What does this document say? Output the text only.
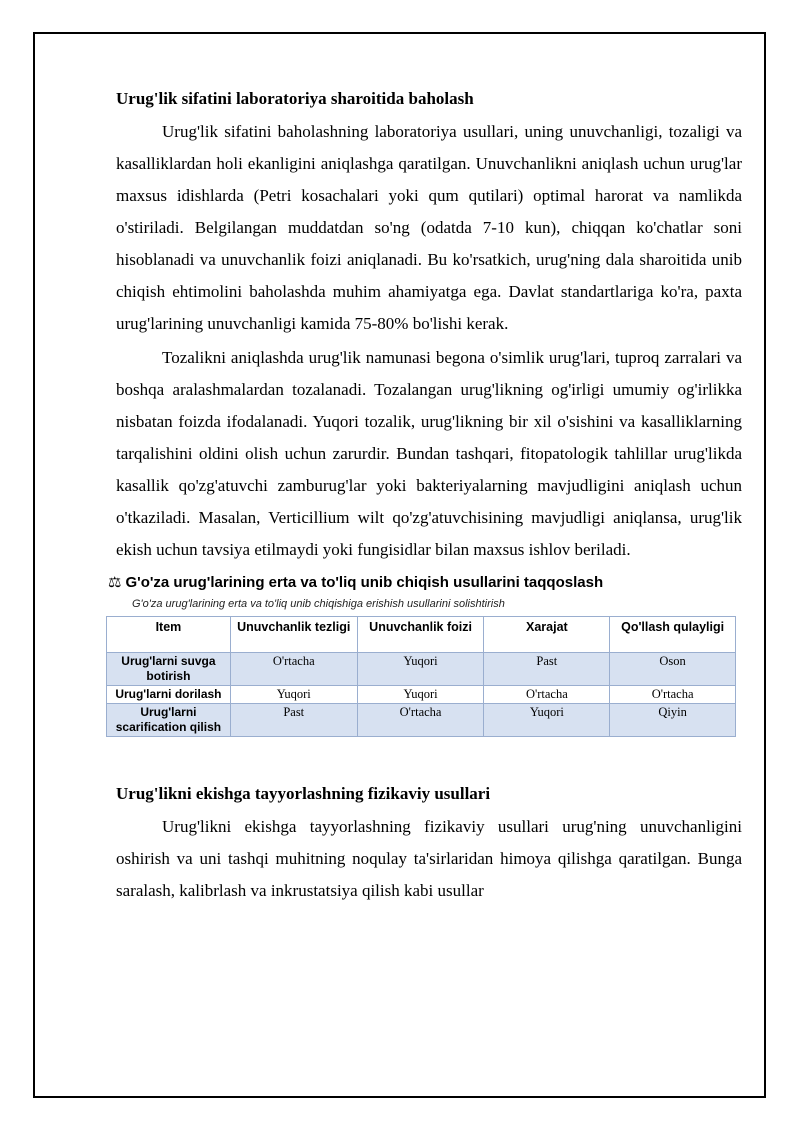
Urug'lik sifatini laboratoriya sharoitida baholash

Urug'lik sifatini baholashning laboratoriya usullari, uning unuvchanligi, tozaligi va kasalliklardan holi ekanligini aniqlashga qaratilgan. Unuvchanlikni aniqlash uchun urug'lar maxsus idishlarda (Petri kosachalari yoki qum qutilari) optimal harorat va namlikda o'stiriladi. Belgilangan muddatdan so'ng (odatda 7-10 kun), chiqqan ko'chatlar soni hisoblanadi va unuvchanlik foizi aniqlanadi. Bu ko'rsatkich, urug'ning dala sharoitida unib chiqish ehtimolini baholashda muhim ahamiyatga ega. Davlat standartlariga ko'ra, paxta urug'larining unuvchanligi kamida 75-80% bo'lishi kerak.

Tozalikni aniqlashda urug'lik namunasi begona o'simlik urug'lari, tuproq zarralari va boshqa aralashmalardan tozalanadi. Tozalangan urug'likning og'irligi umumiy og'irlikka nisbatan foizda ifodalanadi. Yuqori tozalik, urug'likning bir xil o'sishini va kasalliklarning tarqalishini oldini olish uchun zarurdir. Bundan tashqari, fitopatologik tahlillar urug'likda kasallik qo'zg'atuvchi zamburug'lar yoki bakteriyalarning mavjudligini aniqlash uchun o'tkaziladi. Masalan, Verticillium wilt qo'zg'atuvchisining mavjudligi aniqlansa, urug'lik ekish uchun tavsiya etilmaydi yoki fungisidlar bilan maxsus ishlov beriladi.

⚖ G'o'za urug'larining erta va to'liq unib chiqish usullarini taqqoslash
G'o'za urug'larining erta va to'liq unib chiqishiga erishish usullarini solishtirish
Item	Unuvchanlik tezligi	Unuvchanlik foizi	Xarajat	Qo'llash qulayligi
Urug'larni suvga botirish	O'rtacha	Yuqori	Past	Oson
Urug'larni dorilash	Yuqori	Yuqori	O'rtacha	O'rtacha
Urug'larni scarification qilish	Past	O'rtacha	Yuqori	Qiyin
Urug'likni ekishga tayyorlashning fizikaviy usullari

Urug'likni ekishga tayyorlashning fizikaviy usullari urug'ning unuvchanligini oshirish va uni tashqi muhitning noqulay ta'sirlaridan himoya qilishga qaratilgan. Bunga saralash, kalibrlash va inkrustatsiya qilish kabi usullar
